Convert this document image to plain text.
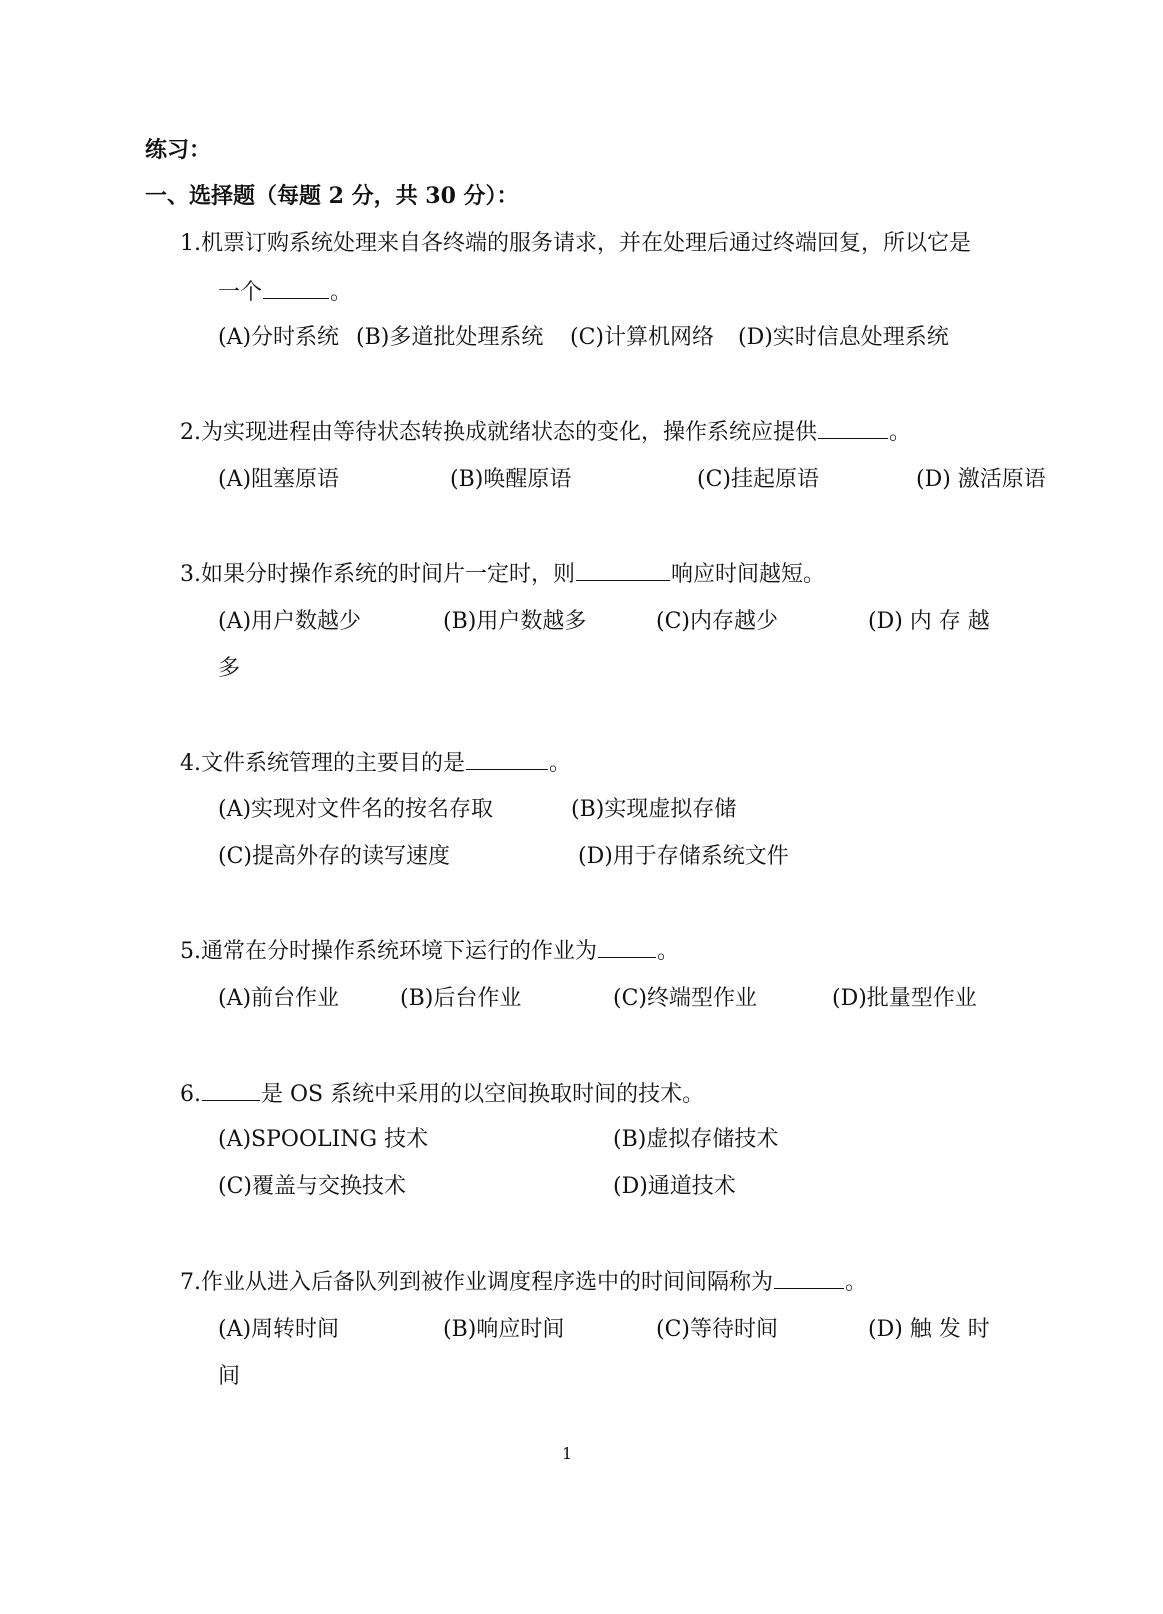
练习：
一、选择题（每题 2 分，共 30 分）：
1.机票订购系统处理来自各终端的服务请求，并在处理后通过终端回复，所以它是
一个	。
(A)分时系统 (B)多道批处理系统 (C)计算机网络 (D)实时信息处理系统
2.为实现进程由等待状态转换成就绪状态的变化，操作系统应提供	。
(A)阻塞原语	(B)唤醒原语	(C)挂起原语	(D) 激活原语
3.如果分时操作系统的时间片一定时，则	响应时间越短。
(A)用户数越少	(B)用户数越多	(C)内存越少	(D) 内 存 越
多
4.文件系统管理的主要目的是	。
(A)实现对文件名的按名存取	(B)实现虚拟存储
(C)提高外存的读写速度	(D)用于存储系统文件
5.通常在分时操作系统环境下运行的作业为	。
(A)前台作业	(B)后台作业	(C)终端型作业	(D)批量型作业
6.	是 OS 系统中采用的以空间换取时间的技术。
(A)SPOOLING 技术	(B)虚拟存储技术
(C)覆盖与交换技术	(D)通道技术
7.作业从进入后备队列到被作业调度程序选中的时间间隔称为	。
(A)周转时间	(B)响应时间	(C)等待时间	(D) 触 发 时
间
1
